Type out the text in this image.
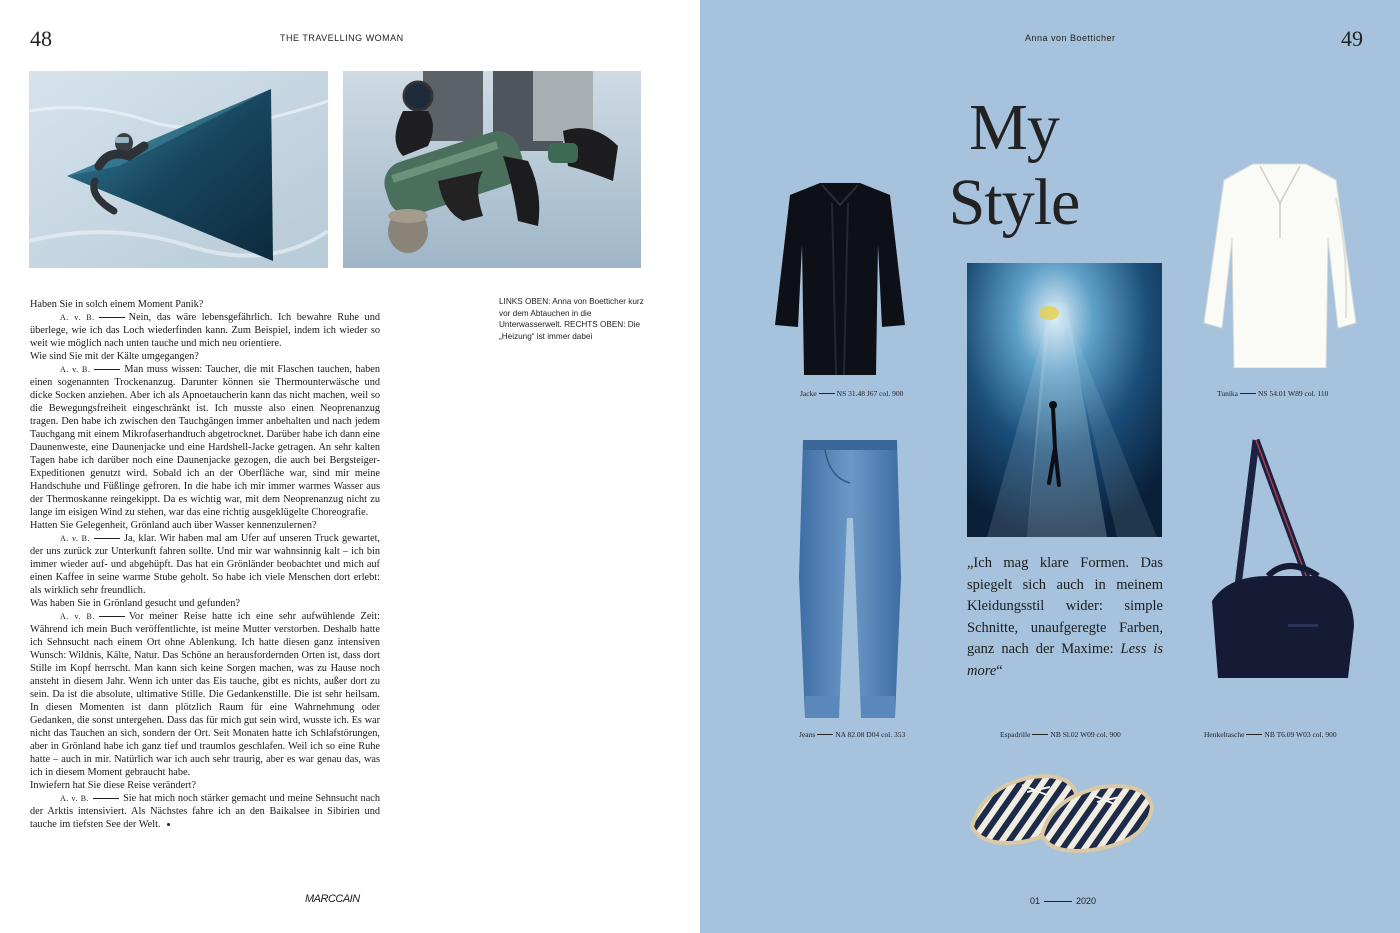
48	THE TRAVELLING WOMAN

Haben Sie in solch einem Moment Panik?

A. v. B.	Nein, das wäre lebensgefährlich. Ich bewahre Ruhe und überlege, wie ich das Loch wiederfinden kann. Zum Beispiel, indem ich wieder so weit wie möglich nach unten tauche und mich neu orientiere.

Wie sind Sie mit der Kälte umgegangen?

A. v. B.	Man muss wissen: Taucher, die mit Flaschen tauchen, haben einen sogenannten Trockenanzug. Darunter können sie Thermounterwäsche und dicke Socken anziehen. Aber ich als Apnoetaucherin kann das nicht machen, weil so die Bewegungsfreiheit eingeschränkt ist. Ich musste also einen Neoprenanzug tragen. Den habe ich zwischen den Tauchgängen immer anbehalten und nach jedem Tauchgang mit einem Mikrofaserhandtuch abgetrocknet. Darüber habe ich dann eine Daunenweste, eine Daunenjacke und eine Hardshell-Jacke getragen. An sehr kalten Tagen habe ich darüber noch eine Daunenjacke gezogen, die auch bei Bergsteiger-Expeditionen genutzt wird. Sobald ich an der Oberfläche war, sind mir meine Handschuhe und Füßlinge gefroren. In die habe ich mir immer warmes Wasser aus der Thermoskanne reingekippt. Da es wichtig war, mit dem Neoprenanzug nicht zu lange im eisigen Wind zu stehen, war das eine richtig ausgeklügelte Choreografie.

Hatten Sie Gelegenheit, Grönland auch über Wasser kennenzulernen?

A. v. B.	Ja, klar. Wir haben mal am Ufer auf unseren Truck gewartet, der uns zurück zur Unterkunft fahren sollte. Und mir war wahnsinnig kalt – ich bin immer wieder auf- und abgehüpft. Das hat ein Grönländer beobachtet und mich auf einen Kaffee in seine warme Stube geholt. So habe ich viele Menschen dort erlebt: als wirklich sehr freundlich.

Was haben Sie in Grönland gesucht und gefunden?

A. v. B.	Vor meiner Reise hatte ich eine sehr aufwühlende Zeit: Während ich mein Buch veröffentlichte, ist meine Mutter verstorben. Deshalb hatte ich Sehnsucht nach einem Ort ohne Ablenkung. Ich hatte diesen ganz intensiven Wunsch: Wildnis, Kälte, Natur. Das Schöne an herausfordernden Orten ist, dass dort Stille im Kopf herrscht. Man kann sich keine Sorgen machen, was zu Hause noch ansteht in diesem Jahr. Wenn ich unter das Eis tauche, gibt es nichts, außer dort zu sein. Da ist die absolute, ultimative Stille. Die Gedankenstille. Die ist sehr heilsam. In diesen Momenten ist dann plötzlich Raum für eine Wahrnehmung oder Gedanken, die sonst untergehen. Dass das für mich gut sein wird, wusste ich. Es war nicht das Tauchen an sich, sondern der Ort. Seit Monaten hatte ich Schlafstörungen, aber in Grönland habe ich ganz tief und traumlos geschlafen. Weil ich so eine Ruhe hatte – auch in mir. Natürlich war ich auch sehr traurig, aber es war genau das, was ich in diesem Moment gebraucht habe.

Inwiefern hat Sie diese Reise verändert?

A. v. B.	Sie hat mich noch stärker gemacht und meine Sehnsucht nach der Arktis intensiviert. Als Nächstes fahre ich an den Baikalsee in Sibirien und tauche im tiefsten See der Welt.

LINKS OBEN: Anna von Boetticher kurz vor dem Abtauchen in die Unterwasserwelt. RECHTS OBEN: Die „Heizung“ ist immer dabei
MARCCAIN
Anna von Boetticher	49
My
Style
Jacke	NS 31.48 J67 col. 900	Tunika	NS 54.01 W89 col. 110
„Ich mag klare Formen. Das spiegelt sich auch in meinem Kleidungsstil wider: simple Schnitte, unaufgeregte Farben, ganz nach der Maxime: Less is more“
Jeans	NA 82.08 D04 col. 353	Henkeltasche	NB T6.09 W03 col. 900
Espadrille	NB Sl.02 W09 col. 900
01	2020
